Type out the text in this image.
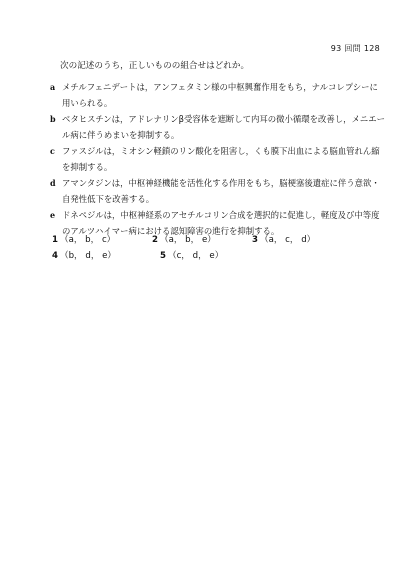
93 回問 128
次の記述のうち，正しいものの組合せはどれか。
a メチルフェニデートは，アンフェタミン様の中枢興奮作用をもち，ナルコレプシーに用いられる。
b ベタヒスチンは，アドレナリンβ受容体を遮断して内耳の微小循環を改善し，メニエール病に伴うめまいを抑制する。
c ファスジルは，ミオシン軽鎖のリン酸化を阻害し，くも膜下出血による脳血管れん縮を抑制する。
d アマンタジンは，中枢神経機能を活性化する作用をもち，脳梗塞後遺症に伴う意欲・自発性低下を改善する。
e ドネペジルは，中枢神経系のアセチルコリン合成を選択的に促進し，軽度及び中等度のアルツハイマー病における認知障害の進行を抑制する。
1 （a， b， c）	2 （a， b， e）	3 （a， c， d）
4 （b， d， e）	5 （c， d， e）
